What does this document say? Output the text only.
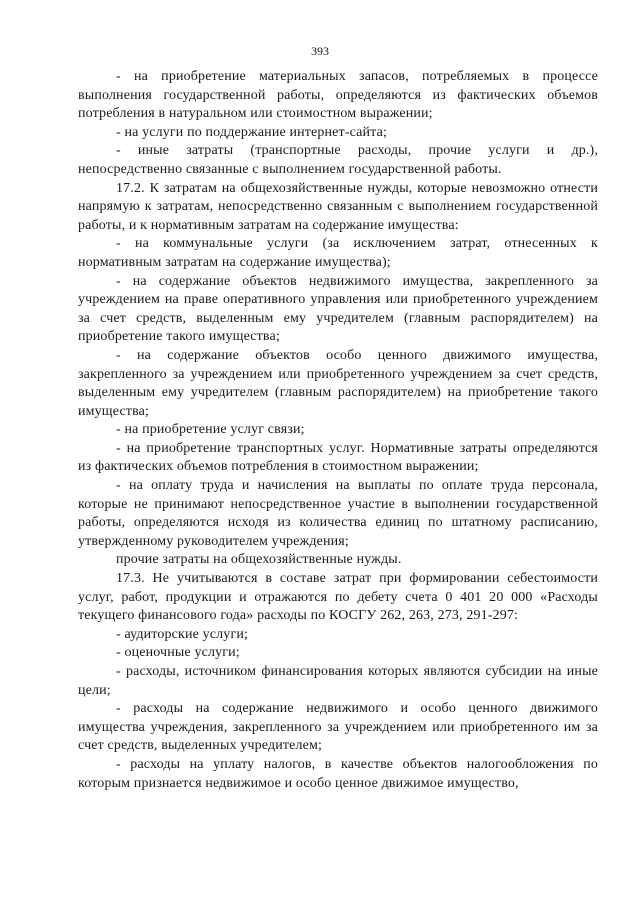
393

- на приобретение материальных запасов, потребляемых в процессе выполнения государственной работы, определяются из фактических объемов потребления в натуральном или стоимостном выражении;

- на услуги по поддержание интернет-сайта;

- иные затраты (транспортные расходы, прочие услуги и др.), непосредственно связанные с выполнением государственной работы.

17.2. К затратам на общехозяйственные нужды, которые невозможно отнести напрямую к затратам, непосредственно связанным с выполнением государственной работы, и к нормативным затратам на содержание имущества:

- на коммунальные услуги (за исключением затрат, отнесенных к нормативным затратам на содержание имущества);

- на содержание объектов недвижимого имущества, закрепленного за учреждением на праве оперативного управления или приобретенного учреждением за счет средств, выделенным ему учредителем (главным распорядителем) на приобретение такого имущества;

- на содержание объектов особо ценного движимого имущества, закрепленного за учреждением или приобретенного учреждением за счет средств, выделенным ему учредителем (главным распорядителем) на приобретение такого имущества;

- на приобретение услуг связи;

- на приобретение транспортных услуг. Нормативные затраты определяются из фактических объемов потребления в стоимостном выражении;

- на оплату труда и начисления на выплаты по оплате труда персонала, которые не принимают непосредственное участие в выполнении государственной работы, определяются исходя из количества единиц по штатному расписанию, утвержденному руководителем учреждения;

прочие затраты на общехозяйственные нужды.

17.3. Не учитываются в составе затрат при формировании себестоимости услуг, работ, продукции и отражаются по дебету счета 0 401 20 000 «Расходы текущего финансового года» расходы по КОСГУ 262, 263, 273, 291-297:

- аудиторские услуги;

- оценочные услуги;

- расходы, источником финансирования которых являются субсидии на иные цели;

- расходы на содержание недвижимого и особо ценного движимого имущества учреждения, закрепленного за учреждением или приобретенного им за счет средств, выделенных учредителем;

- расходы на уплату налогов, в качестве объектов налогообложения по которым признается недвижимое и особо ценное движимое имущество,
